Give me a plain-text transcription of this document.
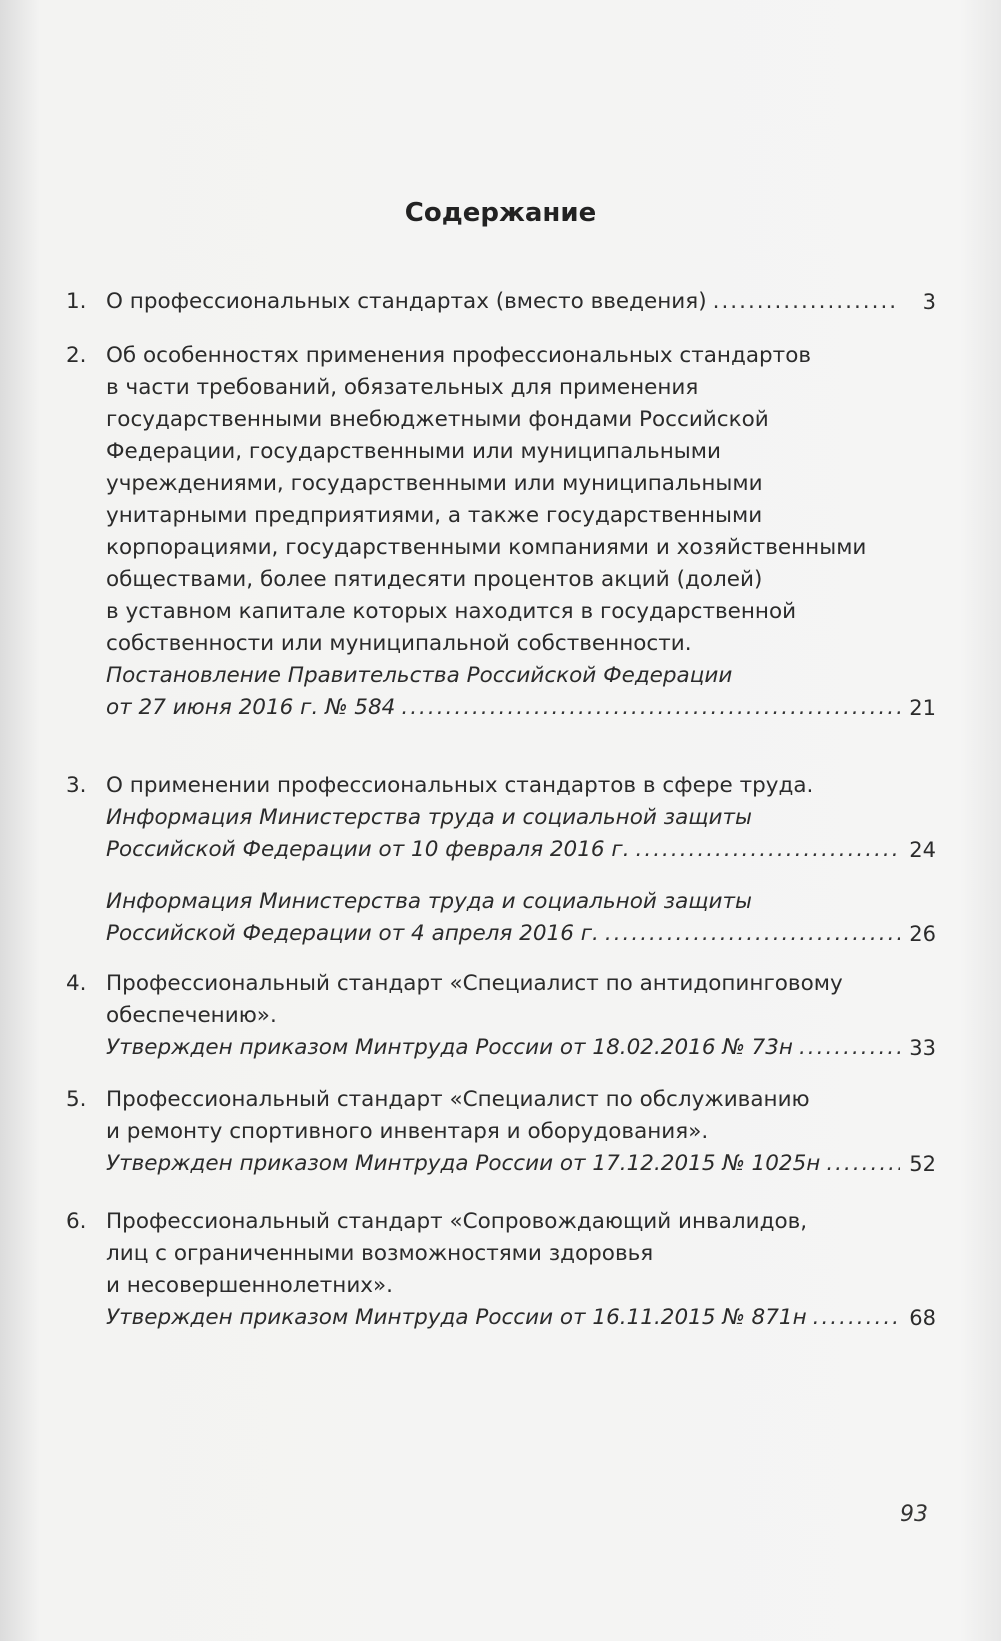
Содержание
1. О профессиональных стандартах (вместо введения) .....	3
2. Об особенностях применения профессиональных стандартов
в части требований, обязательных для применения
государственными внебюджетными фондами Российской
Федерации, государственными или муниципальными
учреждениями, государственными или муниципальными
унитарными предприятиями, а также государственными
корпорациями, государственными компаниями и хозяйственными
обществами, более пятидесяти процентов акций (долей)
в уставном капитале которых находится в государственной
собственности или муниципальной собственности.
Постановление Правительства Российской Федерации
от 27 июня 2016 г. № 584 .....	21
3. О применении профессиональных стандартов в сфере труда.
Информация Министерства труда и социальной защиты
Российской Федерации от 10 февраля 2016 г. .....	24
Информация Министерства труда и социальной защиты
Российской Федерации от 4 апреля 2016 г. .....	26
4. Профессиональный стандарт «Специалист по антидопинговому
обеспечению».
Утвержден приказом Минтруда России от 18.02.2016 № 73н .....	33
5. Профессиональный стандарт «Специалист по обслуживанию
и ремонту спортивного инвентаря и оборудования».
Утвержден приказом Минтруда России от 17.12.2015 № 1025н .....	52
6. Профессиональный стандарт «Сопровождающий инвалидов,
лиц с ограниченными возможностями здоровья
и несовершеннолетних».
Утвержден приказом Минтруда России от 16.11.2015 № 871н .....	68
93
